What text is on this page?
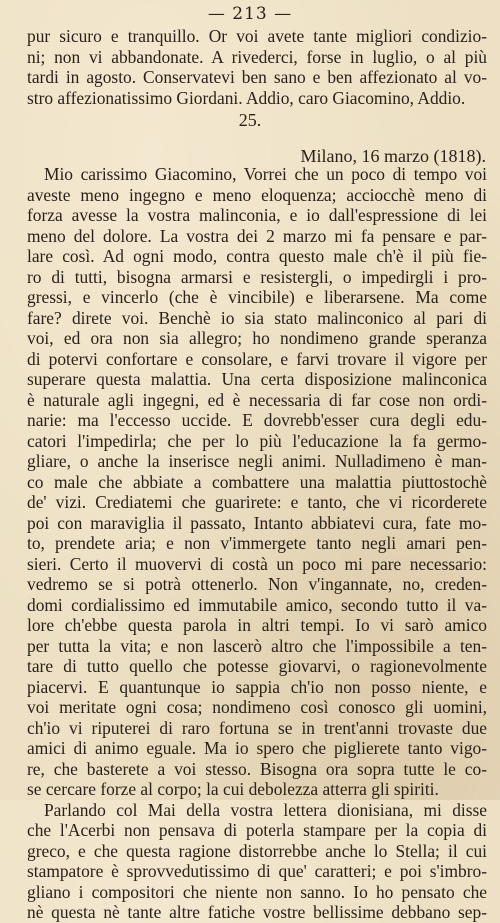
— 213 —
pur sicuro e tranquillo. Or voi avete tante migliori condizio-
ni; non vi abbandonate. A rivederci, forse in luglio, o al più
tardi in agosto. Conservatevi ben sano e ben affezionato al vo-
stro affezionatissimo Giordani. Addio, caro Giacomino, Addio.
25.
Milano, 16 marzo (1818).
Mio carissimo Giacomino, Vorrei che un poco di tempo voi
aveste meno ingegno e meno eloquenza; acciocchè meno di
forza avesse la vostra malinconia, e io dall'espressione di lei
meno del dolore. La vostra dei 2 marzo mi fa pensare e par-
lare così. Ad ogni modo, contra questo male ch'è il più fie-
ro di tutti, bisogna armarsi e resistergli, o impedirgli i pro-
gressi, e vincerlo (che è vincibile) e liberarsene. Ma come
fare? direte voi. Benchè io sia stato malinconico al pari di
voi, ed ora non sia allegro; ho nondimeno grande speranza
di potervi confortare e consolare, e farvi trovare il vigore per
superare questa malattia. Una certa disposizione malinconica
è naturale agli ingegni, ed è necessaria di far cose non ordi-
narie: ma l'eccesso uccide. E dovrebb'esser cura degli edu-
catori l'impedirla; che per lo più l'educazione la fa germo-
gliare, o anche la inserisce negli animi. Nulladimeno è man-
co male che abbiate a combattere una malattia piuttostochè
de' vizi. Crediatemi che guarirete: e tanto, che vi ricorderete
poi con maraviglia il passato, Intanto abbiatevi cura, fate mo-
to, prendete aria; e non v'immergete tanto negli amari pen-
sieri. Certo il muovervi di costà un poco mi pare necessario:
vedremo se si potrà ottenerlo. Non v'ingannate, no, creden-
domi cordialissimo ed immutabile amico, secondo tutto il va-
lore ch'ebbe questa parola in altri tempi. Io vi sarò amico
per tutta la vita; e non lascerò altro che l'impossibile a ten-
tare di tutto quello che potesse giovarvi, o ragionevolmente
piacervi. E quantunque io sappia ch'io non posso niente, e
voi meritate ogni cosa; nondimeno così conosco gli uomini,
ch'io vi riputerei di raro fortuna se in trent'anni trovaste due
amici di animo eguale. Ma io spero che piglierete tanto vigo-
re, che basterete a voi stesso. Bisogna ora sopra tutte le co-
se cercare forze al corpo; la cui debolezza atterra gli spiriti.
Parlando col Mai della vostra lettera dionisiana, mi disse
che l'Acerbi non pensava di poterla stampare per la copia di
greco, e che questa ragione distorrebbe anche lo Stella; il cui
stampatore è sprovvedutissimo di que' caratteri; e poi s'imbro-
gliano i compositori che niente non sanno. Io ho pensato che
nè questa nè tante altre fatiche vostre bellissime debbano sep-
